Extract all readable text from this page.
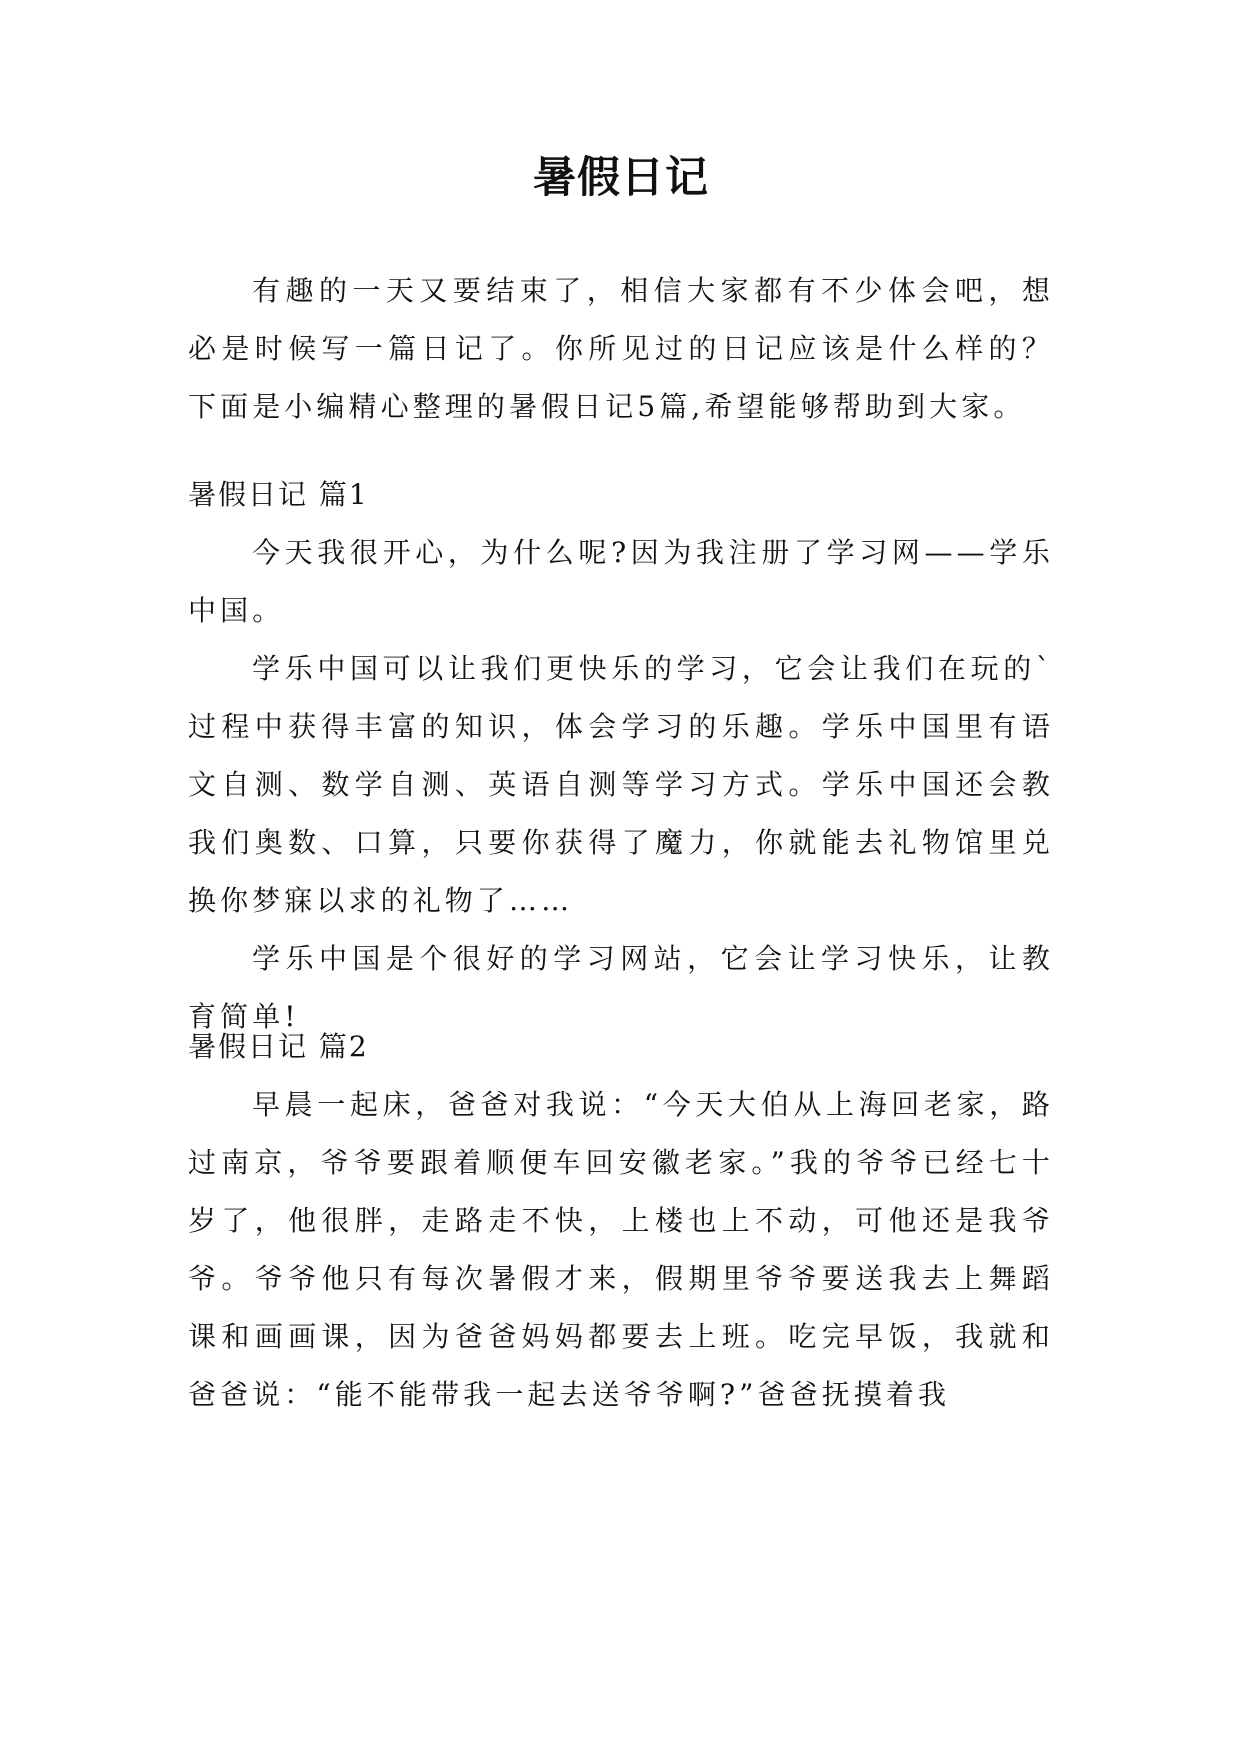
暑假日记

有趣的一天又要结束了，相信大家都有不少体会吧，想必是时候写一篇日记了。你所见过的日记应该是什么样的？下面是小编精心整理的暑假日记5篇,希望能够帮助到大家。

暑假日记 篇1

今天我很开心，为什么呢?因为我注册了学习网——学乐中国。

学乐中国可以让我们更快乐的学习，它会让我们在玩的`过程中获得丰富的知识，体会学习的乐趣。学乐中国里有语文自测、数学自测、英语自测等学习方式。学乐中国还会教我们奥数、口算，只要你获得了魔力，你就能去礼物馆里兑换你梦寐以求的礼物了……

学乐中国是个很好的学习网站，它会让学习快乐，让教育简单!

暑假日记 篇2

早晨一起床，爸爸对我说：“今天大伯从上海回老家，路过南京，爷爷要跟着顺便车回安徽老家。”我的爷爷已经七十岁了，他很胖，走路走不快，上楼也上不动，可他还是我爷爷。爷爷他只有每次暑假才来，假期里爷爷要送我去上舞蹈课和画画课，因为爸爸妈妈都要去上班。吃完早饭，我就和爸爸说：“能不能带我一起去送爷爷啊?”爸爸抚摸着我
